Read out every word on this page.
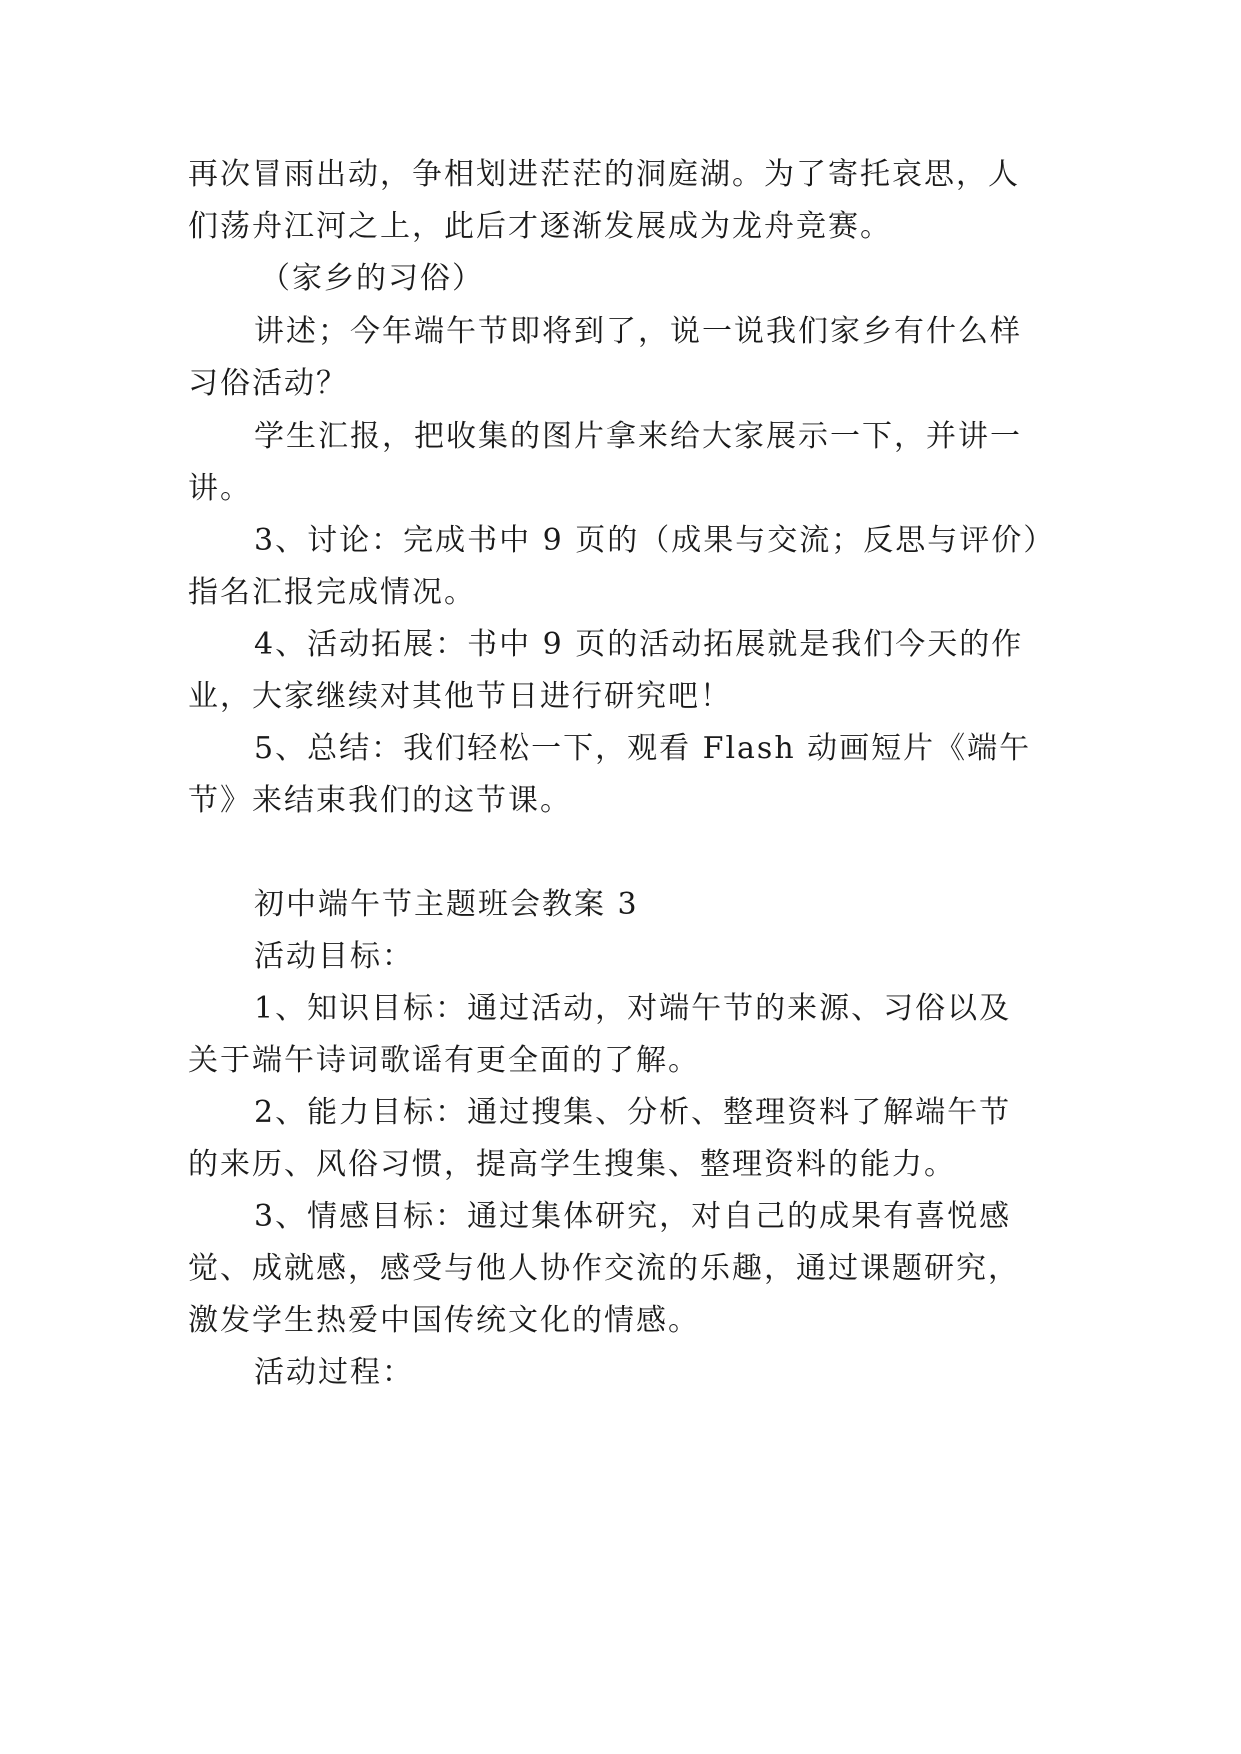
再次冒雨出动，争相划进茫茫的洞庭湖。为了寄托哀思，人
们荡舟江河之上，此后才逐渐发展成为龙舟竞赛。
（家乡的习俗）
讲述；今年端午节即将到了，说一说我们家乡有什么样
习俗活动？
学生汇报，把收集的图片拿来给大家展示一下，并讲一
讲。
3、讨论：完成书中 9 页的（成果与交流；反思与评价）
指名汇报完成情况。
4、活动拓展：书中 9 页的活动拓展就是我们今天的作
业，大家继续对其他节日进行研究吧！
5、总结：我们轻松一下，观看 Flash 动画短片《端午
节》来结束我们的这节课。
初中端午节主题班会教案 3
活动目标：
1、知识目标：通过活动，对端午节的来源、习俗以及
关于端午诗词歌谣有更全面的了解。
2、能力目标：通过搜集、分析、整理资料了解端午节
的来历、风俗习惯，提高学生搜集、整理资料的能力。
3、情感目标：通过集体研究，对自己的成果有喜悦感
觉、成就感，感受与他人协作交流的乐趣，通过课题研究，
激发学生热爱中国传统文化的情感。
活动过程：
